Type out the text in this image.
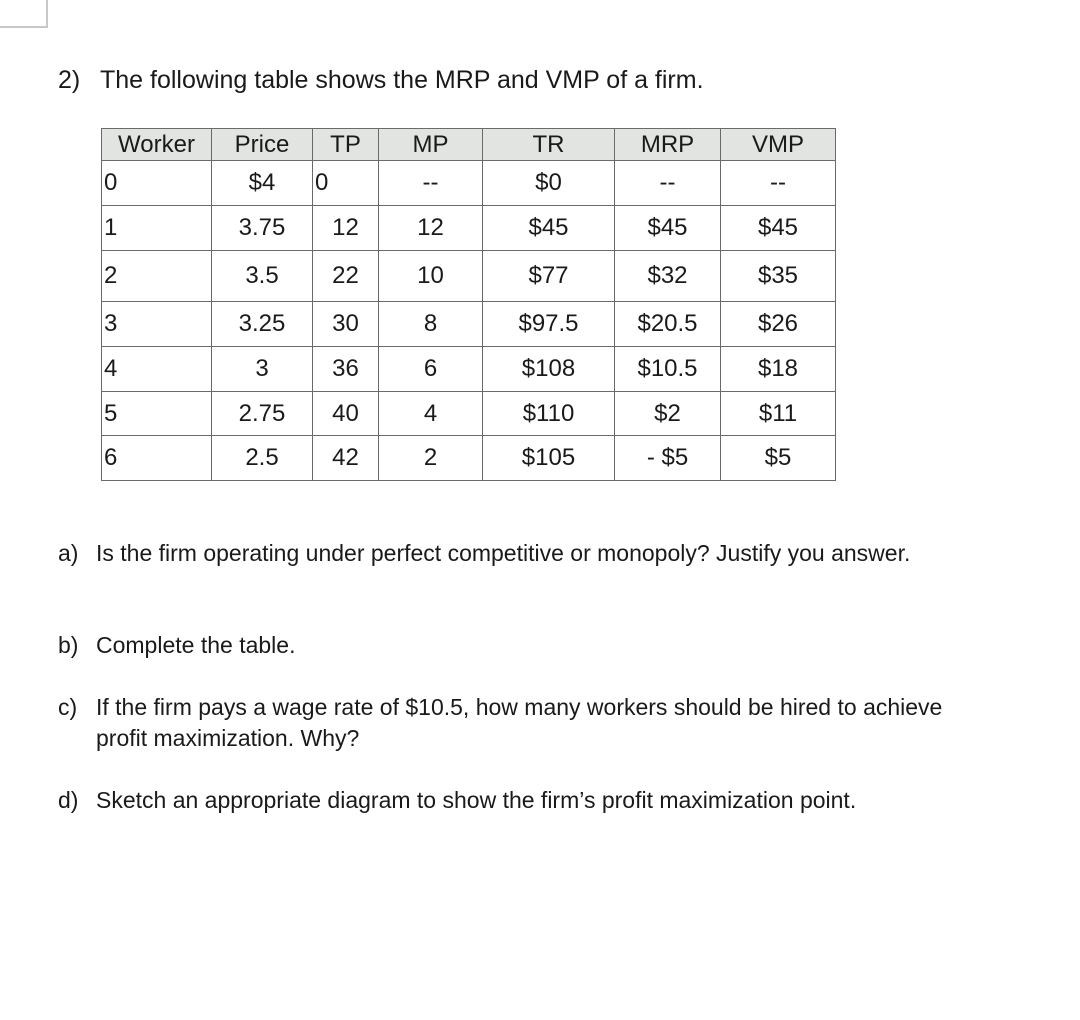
2) The following table shows the MRP and VMP of a firm.
Worker	Price	TP	MP	TR	MRP	VMP
0	$4	0	--	$0	--	--
1	3.75	12	12	$45	$45	$45
2	3.5	22	10	$77	$32	$35
3	3.25	30	8	$97.5	$20.5	$26
4	3	36	6	$108	$10.5	$18
5	2.75	40	4	$110	$2	$11
6	2.5	42	2	$105	- $5	$5
a) Is the firm operating under perfect competitive or monopoly? Justify you answer.
b) Complete the table.
c) If the firm pays a wage rate of $10.5, how many workers should be hired to achieve profit maximization. Why?
d) Sketch an appropriate diagram to show the firm’s profit maximization point.
